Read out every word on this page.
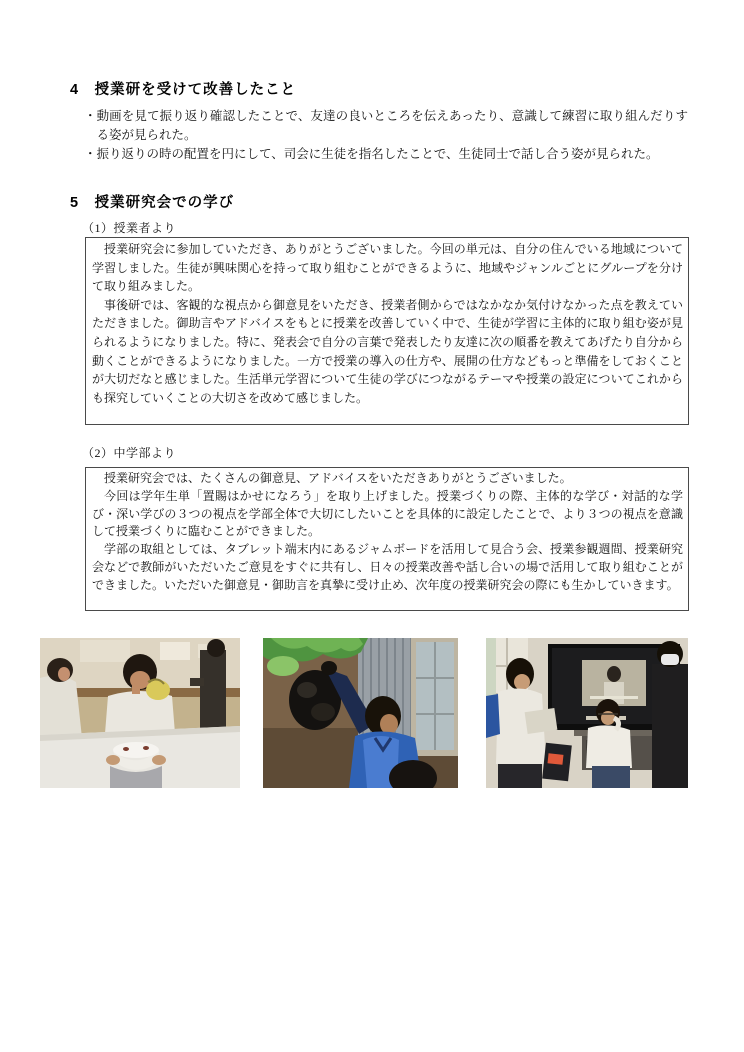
4　授業研を受けて改善したこと
・動画を見て振り返り確認したことで、友達の良いところを伝えあったり、意識して練習に取り組んだりする姿が見られた。
・振り返りの時の配置を円にして、司会に生徒を指名したことで、生徒同士で話し合う姿が見られた。
5　授業研究会での学び
（1）授業者より

授業研究会に参加していただき、ありがとうございました。今回の単元は、自分の住んでいる地域について学習しました。生徒が興味関心を持って取り組むことができるように、地域やジャンルごとにグループを分けて取り組みました。

事後研では、客観的な視点から御意見をいただき、授業者側からではなかなか気付けなかった点を教えていただきました。御助言やアドバイスをもとに授業を改善していく中で、生徒が学習に主体的に取り組む姿が見られるようになりました。特に、発表会で自分の言葉で発表したり友達に次の順番を教えてあげたり自分から動くことができるようになりました。一方で授業の導入の仕方や、展開の仕方などもっと準備をしておくことが大切だなと感じました。生活単元学習について生徒の学びにつながるテーマや授業の設定についてこれからも探究していくことの大切さを改めて感じました。

（2）中学部より

授業研究会では、たくさんの御意見、アドバイスをいただきありがとうございました。

今回は学年生単「置賜はかせになろう」を取り上げました。授業づくりの際、主体的な学び・対話的な学び・深い学びの３つの視点を学部全体で大切にしたいことを具体的に設定したことで、より３つの視点を意識して授業づくりに臨むことができました。

学部の取組としては、タブレット端末内にあるジャムボードを活用して見合う会、授業参観週間、授業研究会などで教師がいただいたご意見をすぐに共有し、日々の授業改善や話し合いの場で活用して取り組むことができました。いただいた御意見・御助言を真摯に受け止め、次年度の授業研究会の際にも生かしていきます。
